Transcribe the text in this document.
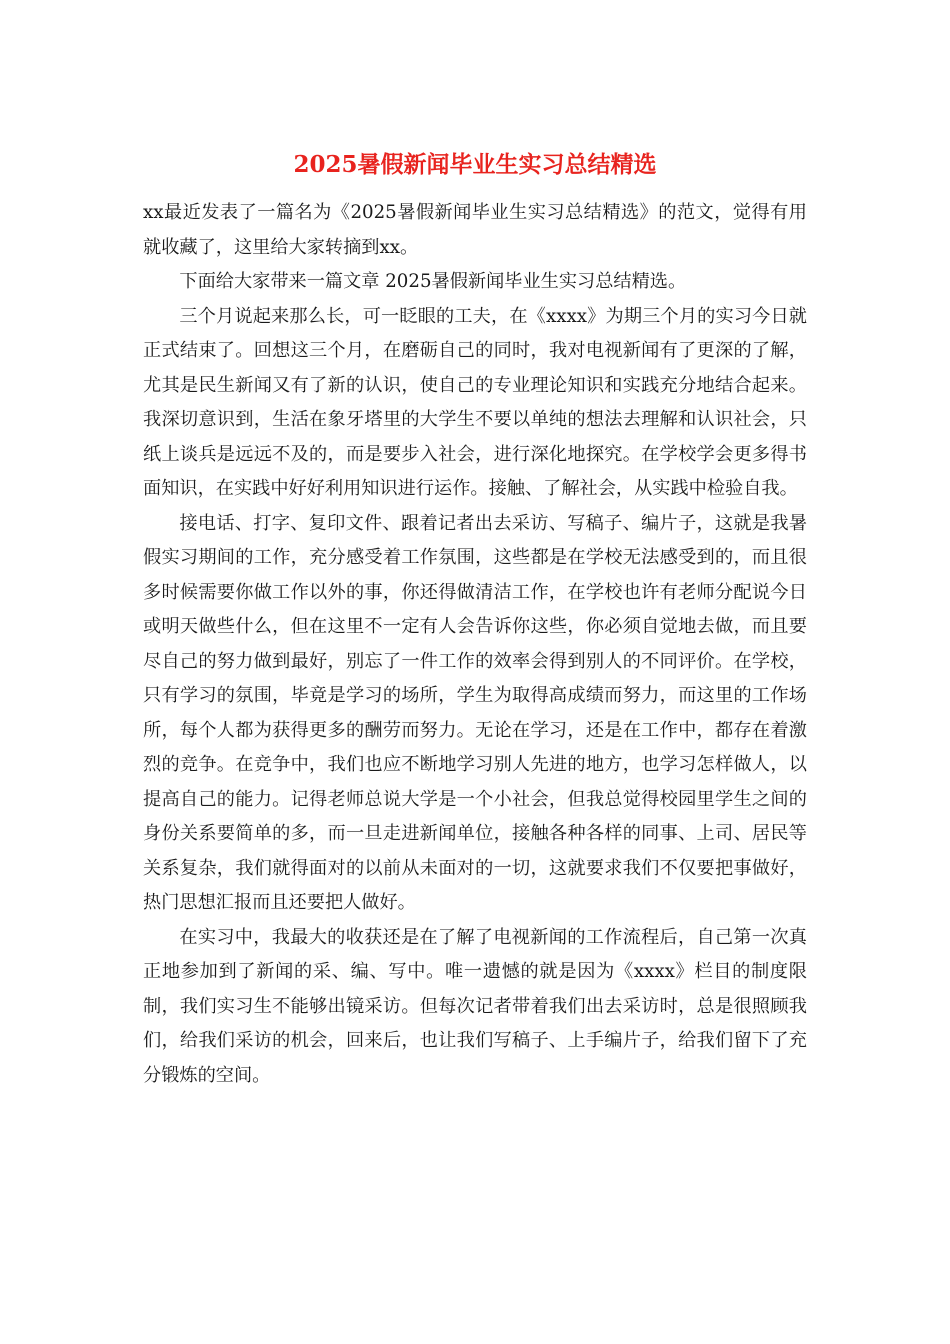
2025暑假新闻毕业生实习总结精选

xx最近发表了一篇名为《2025暑假新闻毕业生实习总结精选》的范文，觉得有用就收藏了，这里给大家转摘到xx。

下面给大家带来一篇文章 2025暑假新闻毕业生实习总结精选。

三个月说起来那么长，可一眨眼的工夫，在《xxxx》为期三个月的实习今日就正式结束了。回想这三个月，在磨砺自己的同时，我对电视新闻有了更深的了解，尤其是民生新闻又有了新的认识，使自己的专业理论知识和实践充分地结合起来。我深切意识到，生活在象牙塔里的大学生不要以单纯的想法去理解和认识社会，只纸上谈兵是远远不及的，而是要步入社会，进行深化地探究。在学校学会更多得书面知识，在实践中好好利用知识进行运作。接触、了解社会，从实践中检验自我。

接电话、打字、复印文件、跟着记者出去采访、写稿子、编片子，这就是我暑假实习期间的工作，充分感受着工作氛围，这些都是在学校无法感受到的，而且很多时候需要你做工作以外的事，你还得做清洁工作，在学校也许有老师分配说今日或明天做些什么，但在这里不一定有人会告诉你这些，你必须自觉地去做，而且要尽自己的努力做到最好，别忘了一件工作的效率会得到别人的不同评价。在学校，只有学习的氛围，毕竟是学习的场所，学生为取得高成绩而努力，而这里的工作场所，每个人都为获得更多的酬劳而努力。无论在学习，还是在工作中，都存在着激烈的竞争。在竞争中，我们也应不断地学习别人先进的地方，也学习怎样做人，以提高自己的能力。记得老师总说大学是一个小社会，但我总觉得校园里学生之间的身份关系要简单的多，而一旦走进新闻单位，接触各种各样的同事、上司、居民等关系复杂，我们就得面对的以前从未面对的一切，这就要求我们不仅要把事做好，热门思想汇报而且还要把人做好。

在实习中，我最大的收获还是在了解了电视新闻的工作流程后，自己第一次真正地参加到了新闻的采、编、写中。唯一遗憾的就是因为《xxxx》栏目的制度限制，我们实习生不能够出镜采访。但每次记者带着我们出去采访时，总是很照顾我们，给我们采访的机会，回来后，也让我们写稿子、上手编片子，给我们留下了充分锻炼的空间。
